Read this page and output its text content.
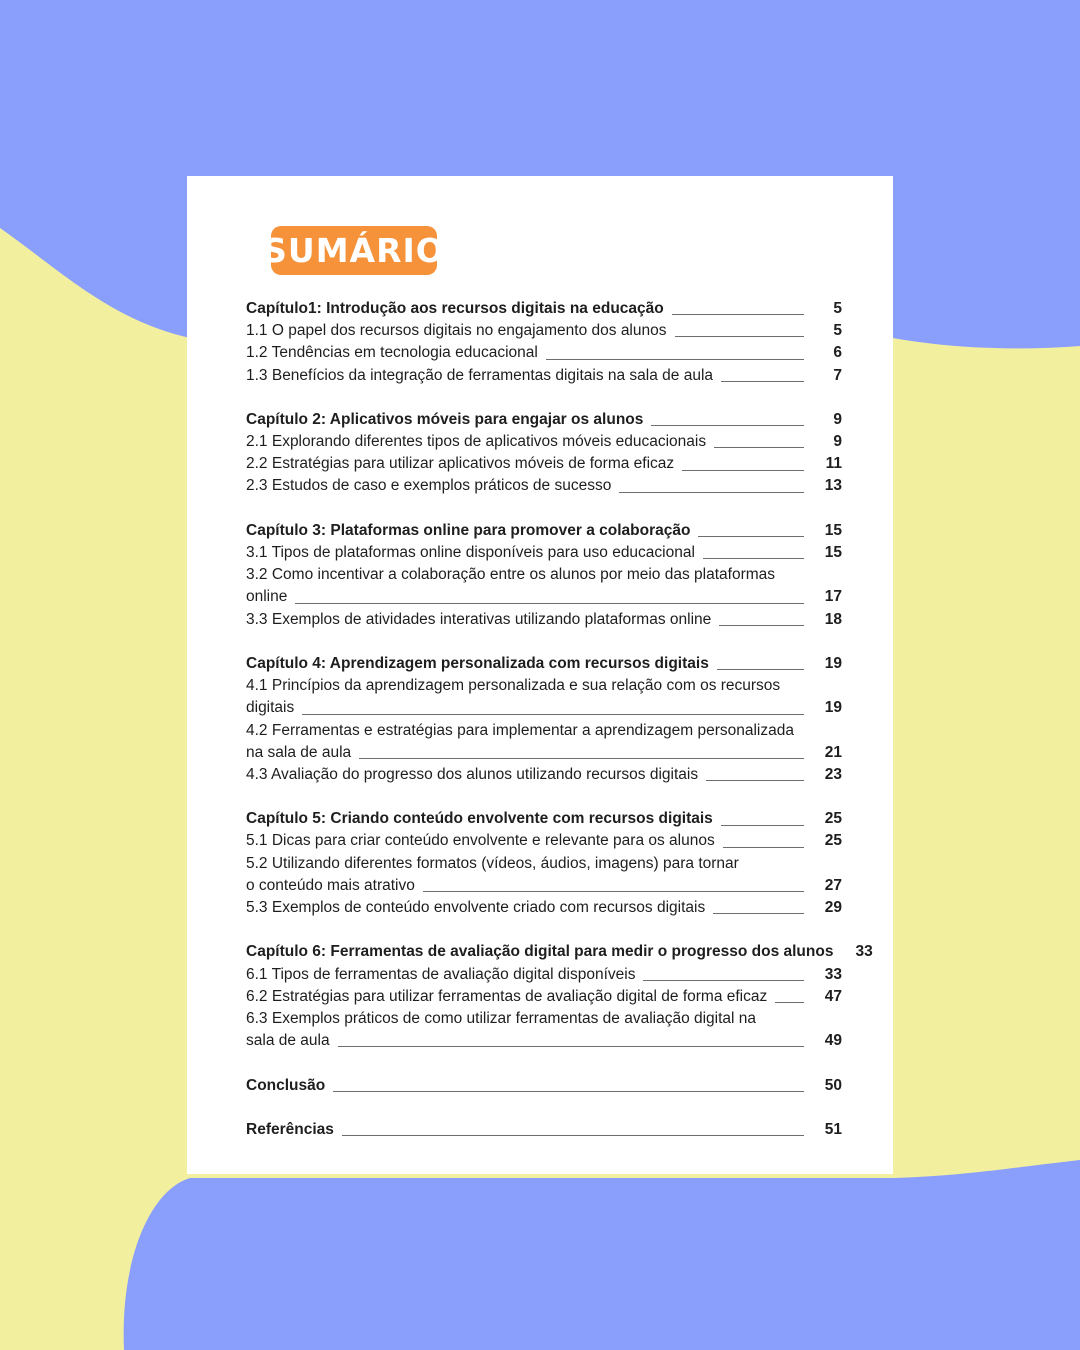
SUMÁRIO
Capítulo1: Introdução aos recursos digitais na educação	5
1.1 O papel dos recursos digitais no engajamento dos alunos	5
1.2 Tendências em tecnologia educacional	6
1.3 Benefícios da integração de ferramentas digitais na sala de aula	7
Capítulo 2: Aplicativos móveis para engajar os alunos	9
2.1 Explorando diferentes tipos de aplicativos móveis educacionais	9
2.2 Estratégias para utilizar aplicativos móveis de forma eficaz	11
2.3 Estudos de caso e exemplos práticos de sucesso	13
Capítulo 3: Plataformas online para promover a colaboração	15
3.1 Tipos de plataformas online disponíveis para uso educacional	15
3.2 Como incentivar a colaboração entre os alunos por meio das plataformas
online	17
3.3 Exemplos de atividades interativas utilizando plataformas online	18
Capítulo 4: Aprendizagem personalizada com recursos digitais	19
4.1 Princípios da aprendizagem personalizada e sua relação com os recursos
digitais	19
4.2 Ferramentas e estratégias para implementar a aprendizagem personalizada
na sala de aula	21
4.3 Avaliação do progresso dos alunos utilizando recursos digitais	23
Capítulo 5: Criando conteúdo envolvente com recursos digitais	25
5.1 Dicas para criar conteúdo envolvente e relevante para os alunos	25
5.2 Utilizando diferentes formatos (vídeos, áudios, imagens) para tornar
o conteúdo mais atrativo	27
5.3 Exemplos de conteúdo envolvente criado com recursos digitais	29
Capítulo 6: Ferramentas de avaliação digital para medir o progresso dos alunos 33
6.1 Tipos de ferramentas de avaliação digital disponíveis	33
6.2 Estratégias para utilizar ferramentas de avaliação digital de forma eficaz	47
6.3 Exemplos práticos de como utilizar ferramentas de avaliação digital na
sala de aula	49
Conclusão	50
Referências	51
